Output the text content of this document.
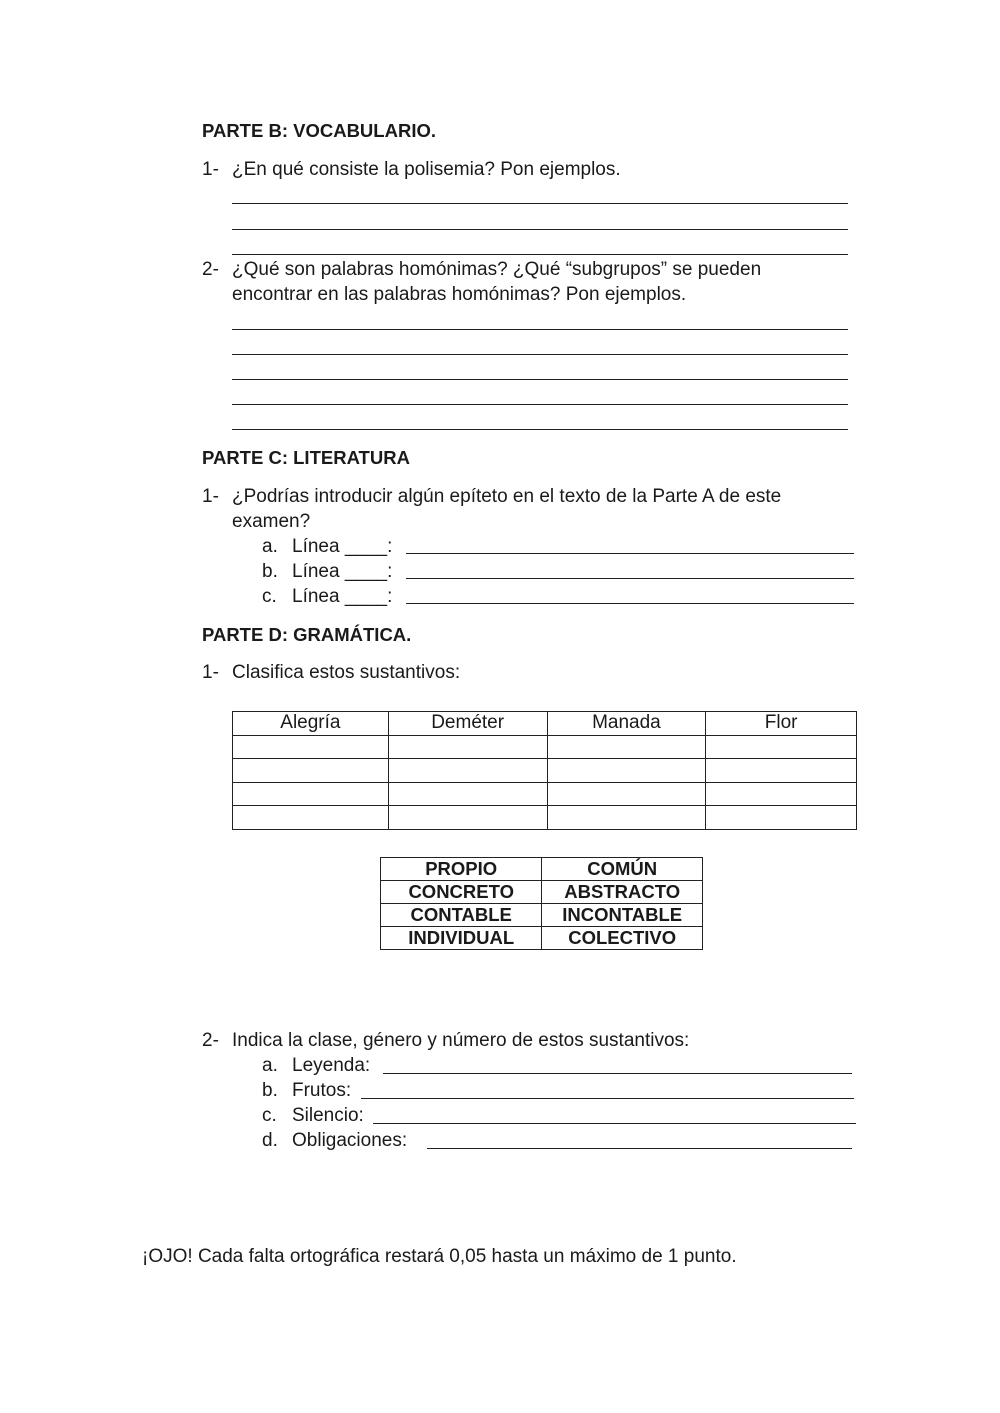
PARTE B: VOCABULARIO.
1- ¿En qué consiste la polisemia? Pon ejemplos.
2- ¿Qué son palabras homónimas? ¿Qué “subgrupos” se pueden
encontrar en las palabras homónimas? Pon ejemplos.
PARTE C: LITERATURA
1- ¿Podrías introducir algún epíteto en el texto de la Parte A de este
examen?
a. Línea ____:
b. Línea ____:
c. Línea ____:
PARTE D: GRAMÁTICA.
1- Clasifica estos sustantivos:
Alegría	Deméter	Manada	Flor

PROPIO	COMÚN
CONCRETO	ABSTRACTO
CONTABLE	INCONTABLE
INDIVIDUAL	COLECTIVO
2- Indica la clase, género y número de estos sustantivos:
a. Leyenda:
b. Frutos:
c. Silencio:
d. Obligaciones:
¡OJO! Cada falta ortográfica restará 0,05 hasta un máximo de 1 punto.
